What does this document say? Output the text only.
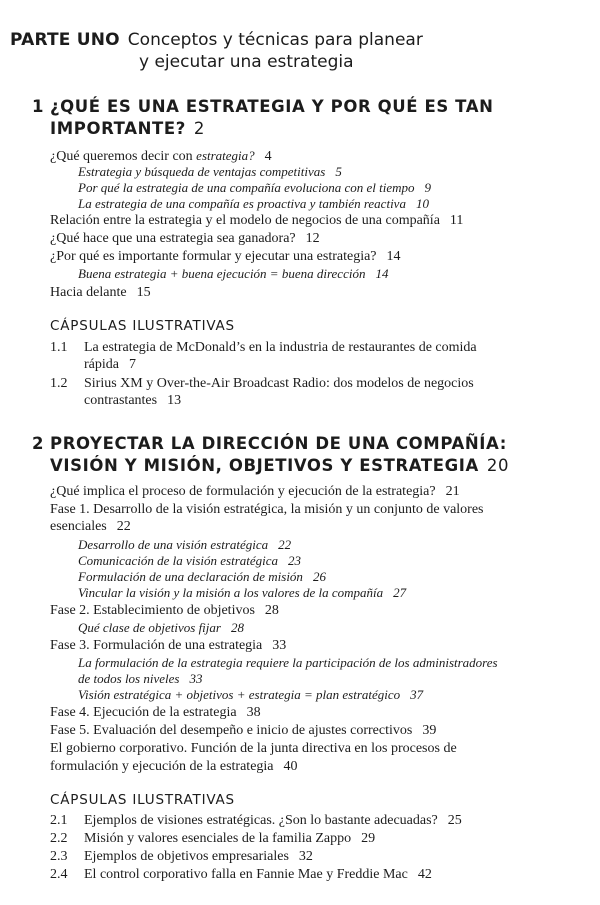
PARTE UNO Conceptos y técnicas para planear
y ejecutar una estrategia
1 ¿QUÉ ES UNA ESTRATEGIA Y POR QUÉ ES TAN
IMPORTANTE? 2
¿Qué queremos decir con estrategia? 4
Estrategia y búsqueda de ventajas competitivas 5
Por qué la estrategia de una compañía evoluciona con el tiempo 9
La estrategia de una compañía es proactiva y también reactiva 10
Relación entre la estrategia y el modelo de negocios de una compañía 11
¿Qué hace que una estrategia sea ganadora? 12
¿Por qué es importante formular y ejecutar una estrategia? 14
Buena estrategia + buena ejecución = buena dirección 14
Hacia delante 15
CÁPSULAS ILUSTRATIVAS
1.1 La estrategia de McDonald’s en la industria de restaurantes de comida
rápida 7
1.2 Sirius XM y Over-the-Air Broadcast Radio: dos modelos de negocios
contrastantes 13
2 PROYECTAR LA DIRECCIÓN DE UNA COMPAÑÍA:
VISIÓN Y MISIÓN, OBJETIVOS Y ESTRATEGIA 20
¿Qué implica el proceso de formulación y ejecución de la estrategia? 21
Fase 1. Desarrollo de la visión estratégica, la misión y un conjunto de valores
esenciales 22
Desarrollo de una visión estratégica 22
Comunicación de la visión estratégica 23
Formulación de una declaración de misión 26
Vincular la visión y la misión a los valores de la compañía 27
Fase 2. Establecimiento de objetivos 28
Qué clase de objetivos fijar 28
Fase 3. Formulación de una estrategia 33
La formulación de la estrategia requiere la participación de los administradores
de todos los niveles 33
Visión estratégica + objetivos + estrategia = plan estratégico 37
Fase 4. Ejecución de la estrategia 38
Fase 5. Evaluación del desempeño e inicio de ajustes correctivos 39
El gobierno corporativo. Función de la junta directiva en los procesos de
formulación y ejecución de la estrategia 40
CÁPSULAS ILUSTRATIVAS
2.1 Ejemplos de visiones estratégicas. ¿Son lo bastante adecuadas? 25
2.2 Misión y valores esenciales de la familia Zappo 29
2.3 Ejemplos de objetivos empresariales 32
2.4 El control corporativo falla en Fannie Mae y Freddie Mac 42
